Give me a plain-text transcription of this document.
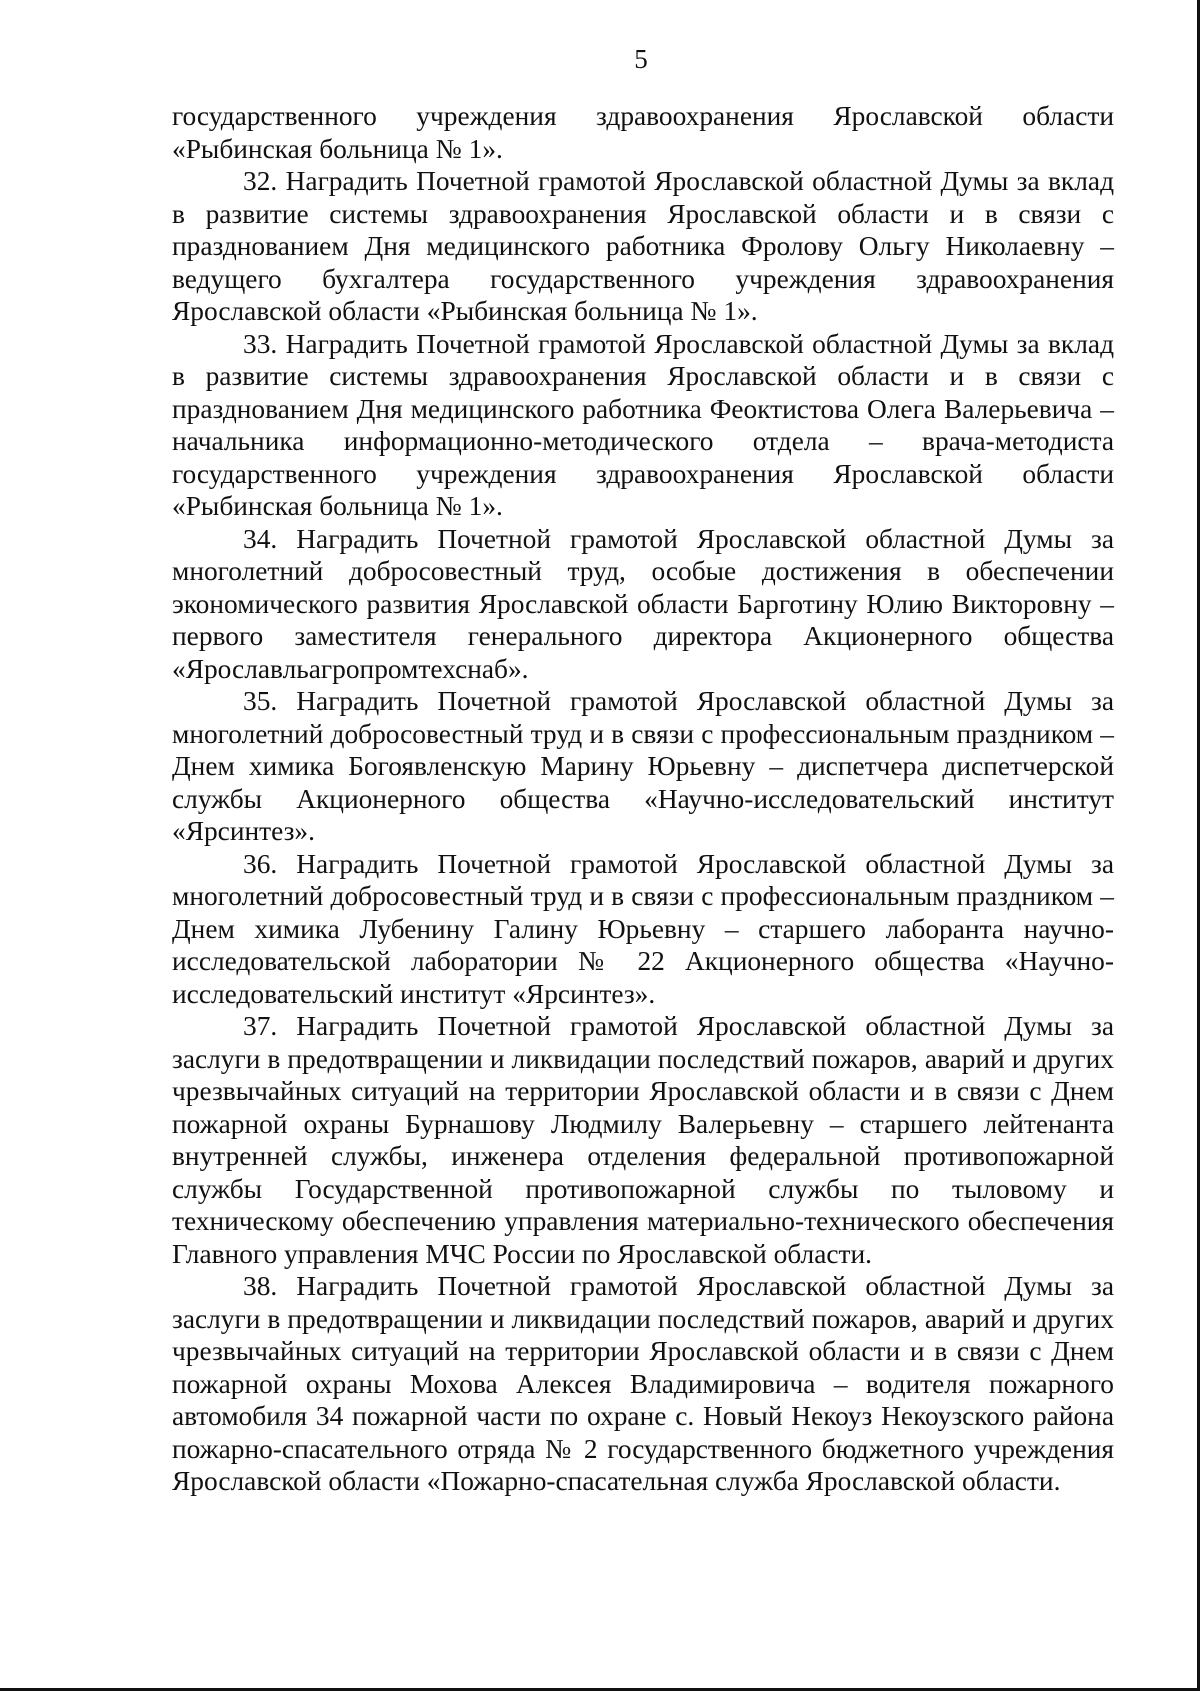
5

государственного учреждения здравоохранения Ярославской области «Рыбинская больница № 1».

32. Наградить Почетной грамотой Ярославской областной Думы за вклад в развитие системы здравоохранения Ярославской области и в связи с празднованием Дня медицинского работника Фролову Ольгу Николаевну – ведущего бухгалтера государственного учреждения здравоохранения Ярославской области «Рыбинская больница № 1».

33. Наградить Почетной грамотой Ярославской областной Думы за вклад в развитие системы здравоохранения Ярославской области и в связи с празднованием Дня медицинского работника Феоктистова Олега Валерьевича – начальника информационно-методического отдела – врача-методиста государственного учреждения здравоохранения Ярославской области «Рыбинская больница № 1».

34. Наградить Почетной грамотой Ярославской областной Думы за многолетний добросовестный труд, особые достижения в обеспечении экономического развития Ярославской области Барготину Юлию Викторовну – первого заместителя генерального директора Акционерного общества «Ярославльагропромтехснаб».

35. Наградить Почетной грамотой Ярославской областной Думы за многолетний добросовестный труд и в связи с профессиональным праздником – Днем химика Богоявленскую Марину Юрьевну – диспетчера диспетчерской службы Акционерного общества «Научно-исследовательский институт «Ярсинтез».

36. Наградить Почетной грамотой Ярославской областной Думы за многолетний добросовестный труд и в связи с профессиональным праздником – Днем химика Лубенину Галину Юрьевну – старшего лаборанта научно-исследовательской лаборатории № 22 Акционерного общества «Научно-исследовательский институт «Ярсинтез».

37. Наградить Почетной грамотой Ярославской областной Думы за заслуги в предотвращении и ликвидации последствий пожаров, аварий и других чрезвычайных ситуаций на территории Ярославской области и в связи с Днем пожарной охраны Бурнашову Людмилу Валерьевну – старшего лейтенанта внутренней службы, инженера отделения федеральной противопожарной службы Государственной противопожарной службы по тыловому и техническому обеспечению управления материально-технического обеспечения Главного управления МЧС России по Ярославской области.

38. Наградить Почетной грамотой Ярославской областной Думы за заслуги в предотвращении и ликвидации последствий пожаров, аварий и других чрезвычайных ситуаций на территории Ярославской области и в связи с Днем пожарной охраны Мохова Алексея Владимировича – водителя пожарного автомобиля 34 пожарной части по охране с. Новый Некоуз Некоузского района пожарно-спасательного отряда № 2 государственного бюджетного учреждения Ярославской области «Пожарно-спасательная служба Ярославской области.
